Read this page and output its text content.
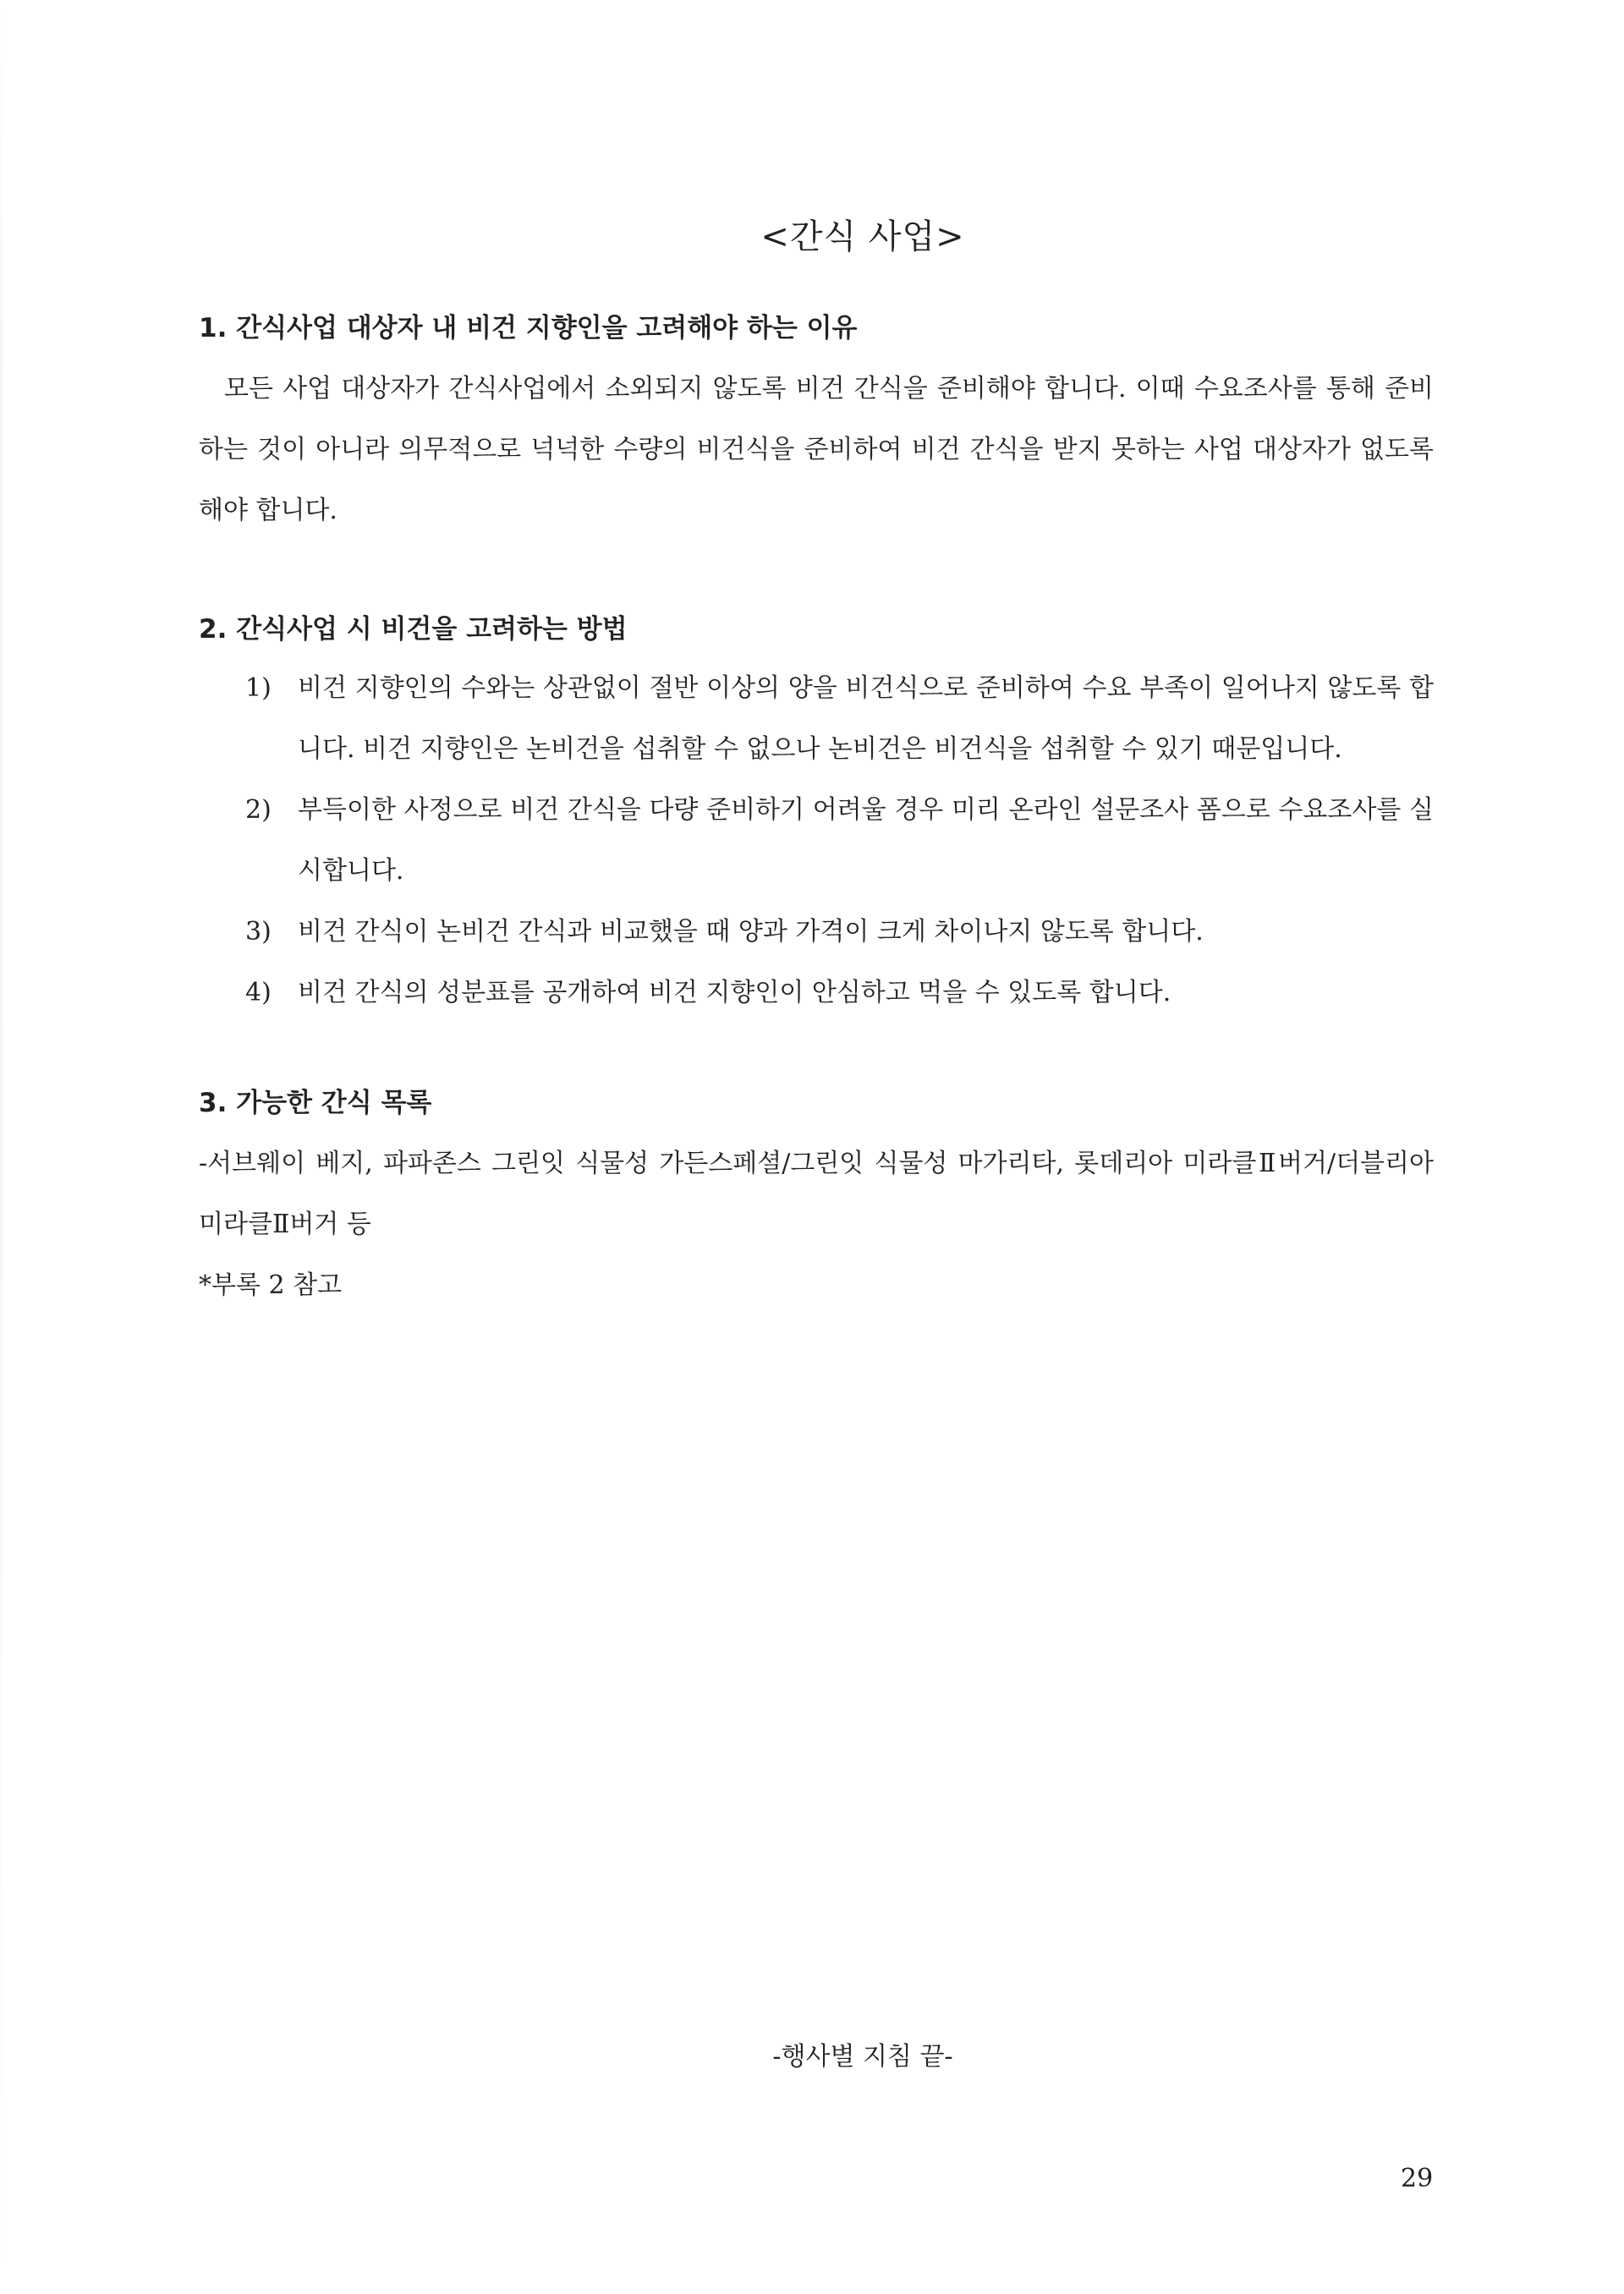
<간식 사업>
1. 간식사업 대상자 내 비건 지향인을 고려해야 하는 이유
모든 사업 대상자가 간식사업에서 소외되지 않도록 비건 간식을 준비해야 합니다. 이때 수요조사를 통해 준비하는 것이 아니라 의무적으로 넉넉한 수량의 비건식을 준비하여 비건 간식을 받지 못하는 사업 대상자가 없도록 해야 합니다.
2. 간식사업 시 비건을 고려하는 방법
1) 비건 지향인의 수와는 상관없이 절반 이상의 양을 비건식으로 준비하여 수요 부족이 일어나지 않도록 합니다. 비건 지향인은 논비건을 섭취할 수 없으나 논비건은 비건식을 섭취할 수 있기 때문입니다.
2) 부득이한 사정으로 비건 간식을 다량 준비하기 어려울 경우 미리 온라인 설문조사 폼으로 수요조사를 실시합니다.
3) 비건 간식이 논비건 간식과 비교했을 때 양과 가격이 크게 차이나지 않도록 합니다.
4) 비건 간식의 성분표를 공개하여 비건 지향인이 안심하고 먹을 수 있도록 합니다.
3. 가능한 간식 목록
-서브웨이 베지, 파파존스 그린잇 식물성 가든스페셜/그린잇 식물성 마가리타, 롯데리아 미라클Ⅱ버거/더블리아 미라클Ⅱ버거 등
*부록 2 참고
-행사별 지침 끝-
29
